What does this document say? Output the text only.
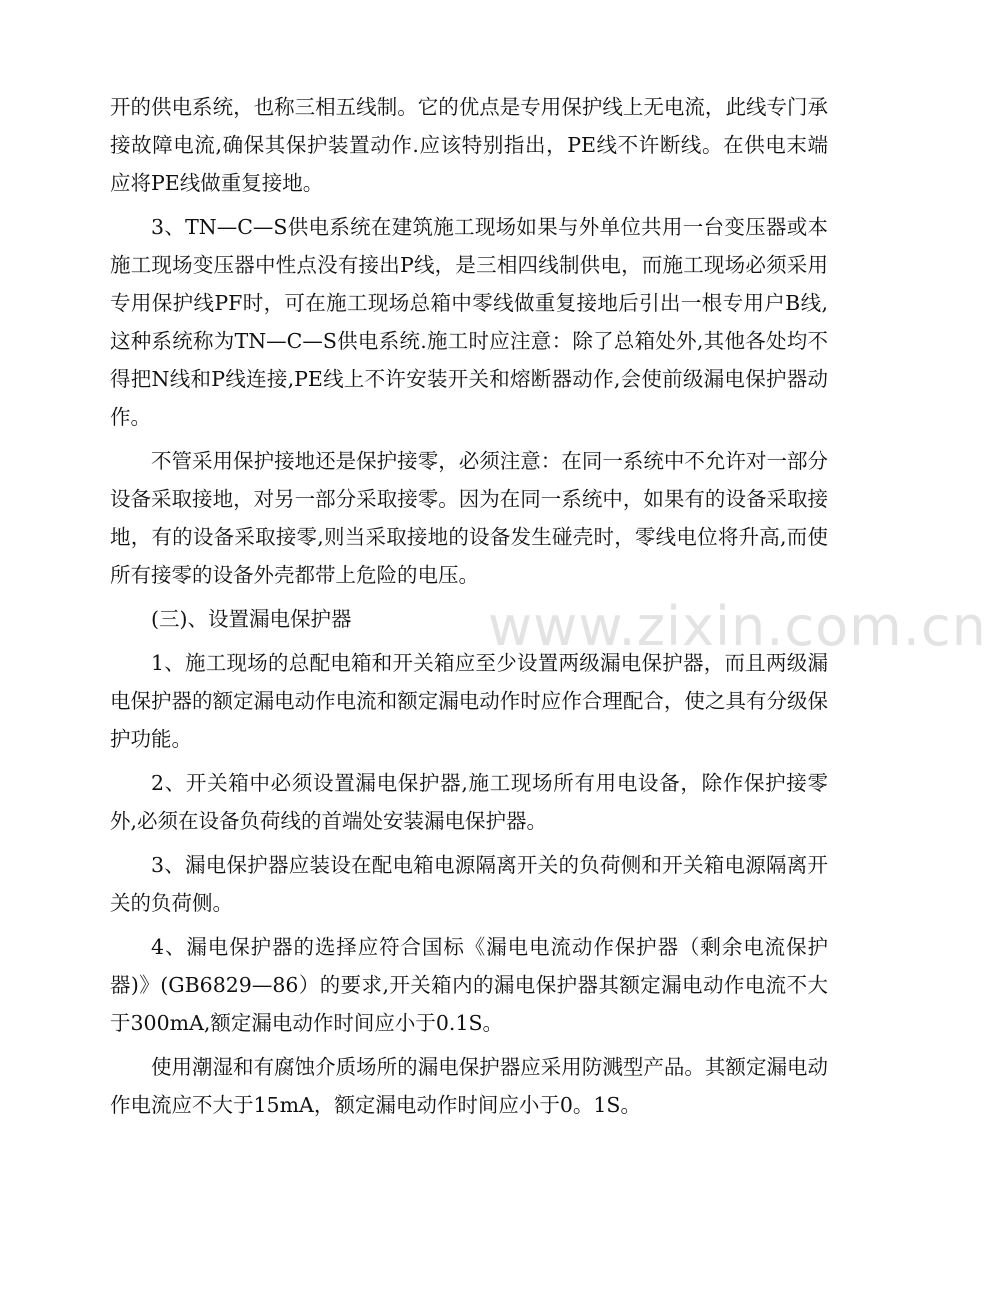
开的供电系统，也称三相五线制。它的优点是专用保护线上无电流，此线专门承接故障电流,确保其保护装置动作.应该特别指出，PE线不许断线。在供电末端应将PE线做重复接地。

3、TN—C—S供电系统在建筑施工现场如果与外单位共用一台变压器或本施工现场变压器中性点没有接出P线，是三相四线制供电，而施工现场必须采用专用保护线PF时，可在施工现场总箱中零线做重复接地后引出一根专用户B线,这种系统称为TN—C—S供电系统.施工时应注意：除了总箱处外,其他各处均不得把N线和P线连接,PE线上不许安装开关和熔断器动作,会使前级漏电保护器动作。

不管采用保护接地还是保护接零，必须注意：在同一系统中不允许对一部分设备采取接地，对另一部分采取接零。因为在同一系统中，如果有的设备采取接地，有的设备采取接零,则当采取接地的设备发生碰壳时，零线电位将升高,而使所有接零的设备外壳都带上危险的电压。

(三)、设置漏电保护器

1、施工现场的总配电箱和开关箱应至少设置两级漏电保护器，而且两级漏电保护器的额定漏电动作电流和额定漏电动作时应作合理配合，使之具有分级保护功能。

2、开关箱中必须设置漏电保护器,施工现场所有用电设备，除作保护接零外,必须在设备负荷线的首端处安装漏电保护器。

3、漏电保护器应装设在配电箱电源隔离开关的负荷侧和开关箱电源隔离开关的负荷侧。

4、漏电保护器的选择应符合国标《漏电电流动作保护器（剩余电流保护器)》(GB6829—86）的要求,开关箱内的漏电保护器其额定漏电动作电流不大于300mA,额定漏电动作时间应小于0.1S。

使用潮湿和有腐蚀介质场所的漏电保护器应采用防溅型产品。其额定漏电动作电流应不大于15mA，额定漏电动作时间应小于0。1S。

www.zixin.com.cn
